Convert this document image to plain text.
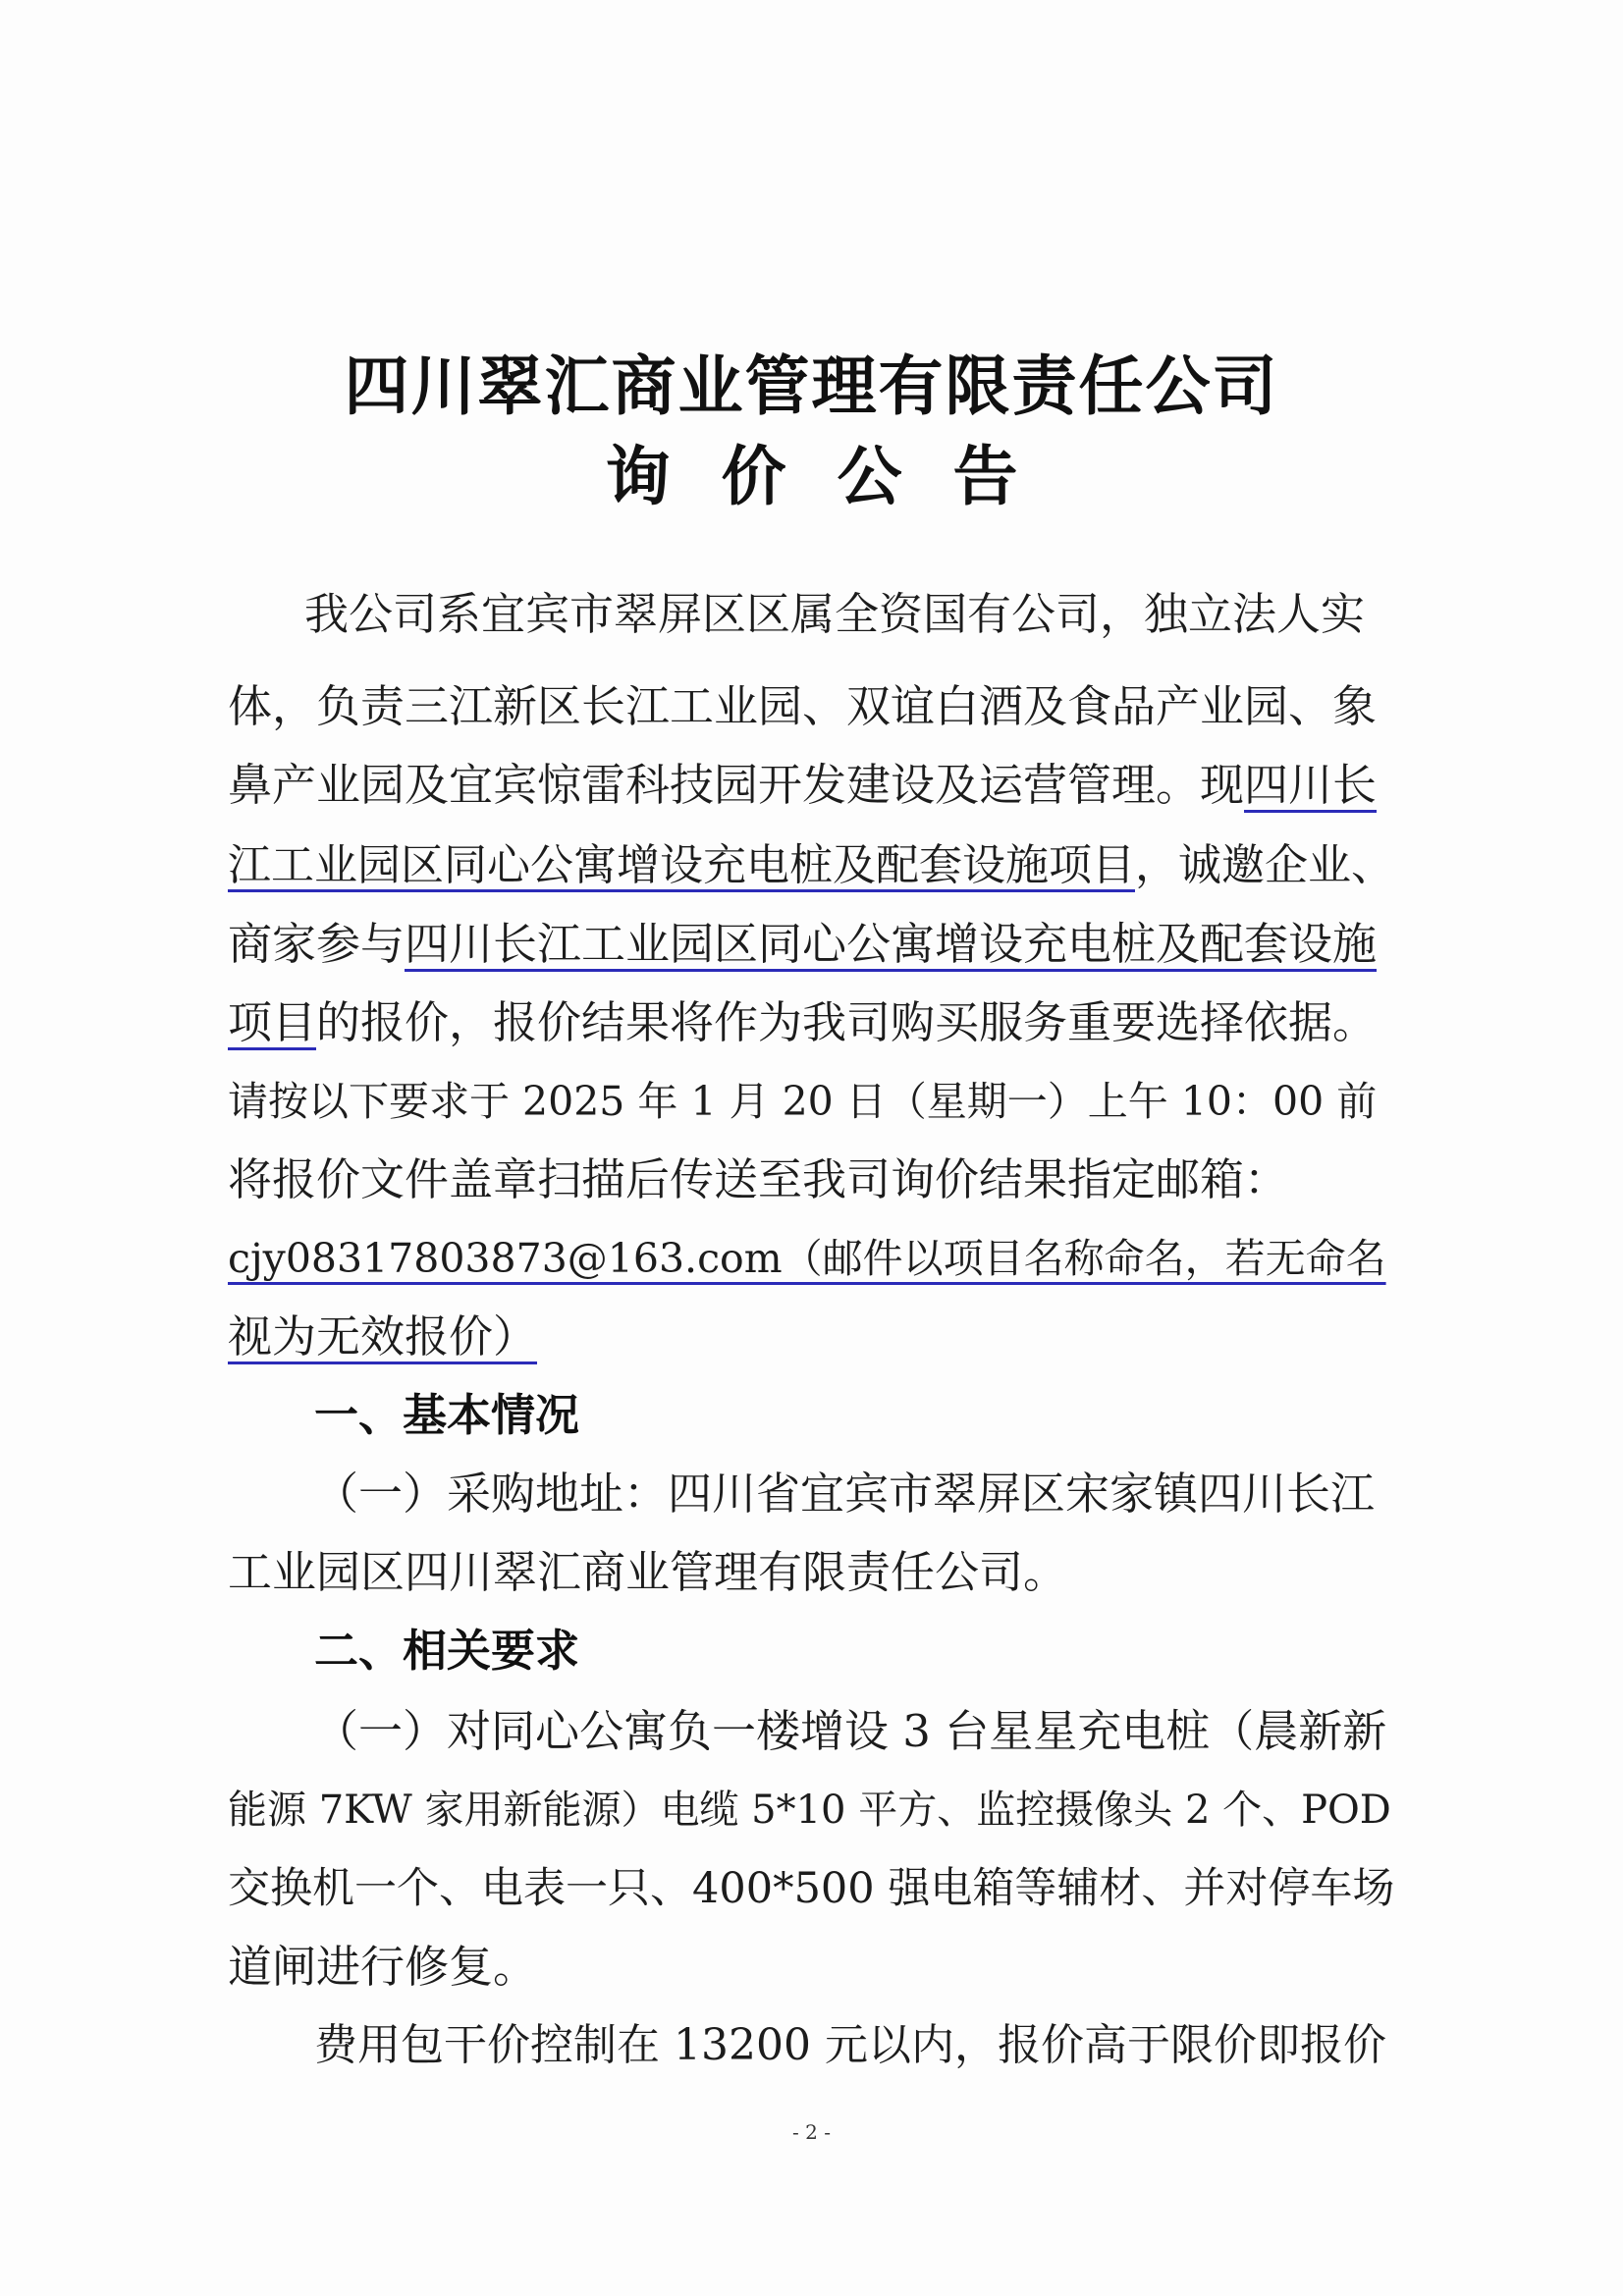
四川翠汇商业管理有限责任公司
询价公告
我公司系宜宾市翠屏区区属全资国有公司，独立法人实
体，负责三江新区长江工业园、双谊白酒及食品产业园、象
鼻产业园及宜宾惊雷科技园开发建设及运营管理。现四川长
江工业园区同心公寓增设充电桩及配套设施项目，诚邀企业、
商家参与四川长江工业园区同心公寓增设充电桩及配套设施
项目的报价，报价结果将作为我司购买服务重要选择依据。
请按以下要求于 2025 年 1 月 20 日（星期一）上午 10：00 前
将报价文件盖章扫描后传送至我司询价结果指定邮箱：
cjy08317803873@163.com（邮件以项目名称命名，若无命名
视为无效报价）
一、基本情况
（一）采购地址：四川省宜宾市翠屏区宋家镇四川长江
工业园区四川翠汇商业管理有限责任公司。
二、相关要求
（一）对同心公寓负一楼增设 3 台星星充电桩（晨新新
能源 7KW 家用新能源）电缆 5*10 平方、监控摄像头 2 个、POD
交换机一个、电表一只、400*500 强电箱等辅材、并对停车场
道闸进行修复。
费用包干价控制在 13200 元以内，报价高于限价即报价
- 2 -
